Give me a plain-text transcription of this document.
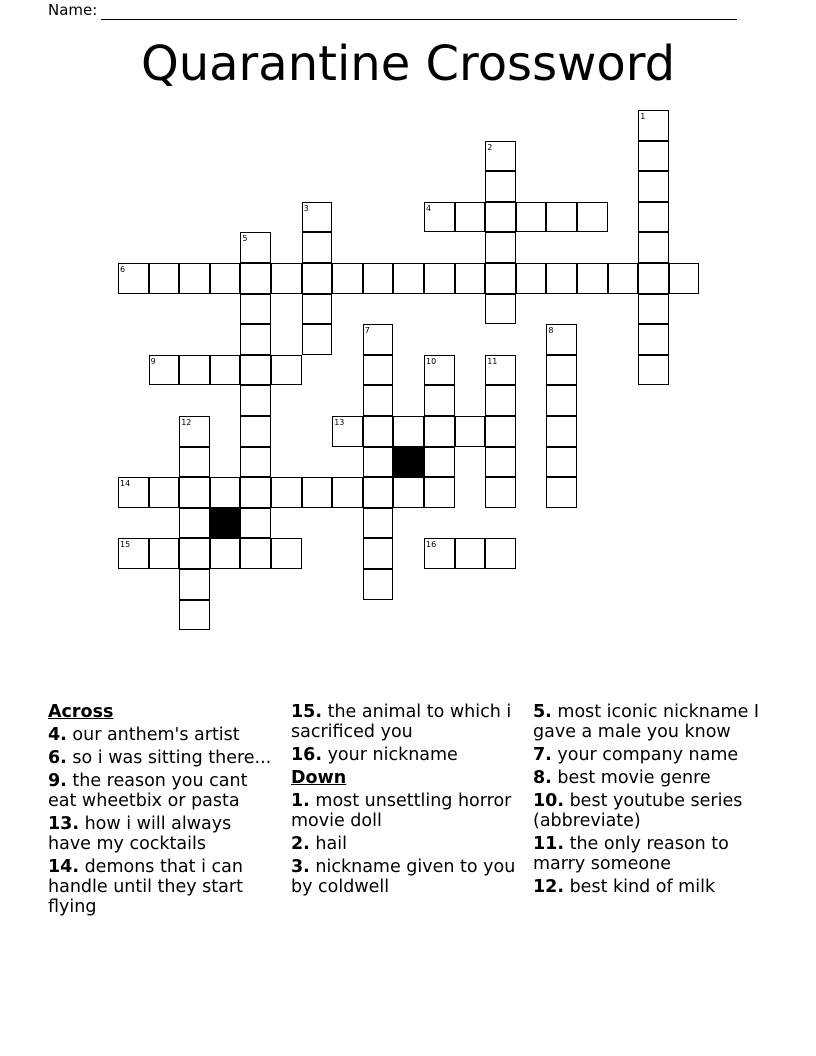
Name:
Quarantine Crossword
1
2
3	4
5
6
7	8
9	10	11
12	13
14
15	16
Across
4. our anthem's artist
6. so i was sitting there...
9. the reason you cant eat wheetbix or pasta
13. how i will always have my cocktails
14. demons that i can handle until they start flying
15. the animal to which i sacrificed you
16. your nickname
Down
1. most unsettling horror movie doll
2. hail
3. nickname given to you by coldwell
5. most iconic nickname I gave a male you know
7. your company name
8. best movie genre
10. best youtube series (abbreviate)
11. the only reason to marry someone
12. best kind of milk
